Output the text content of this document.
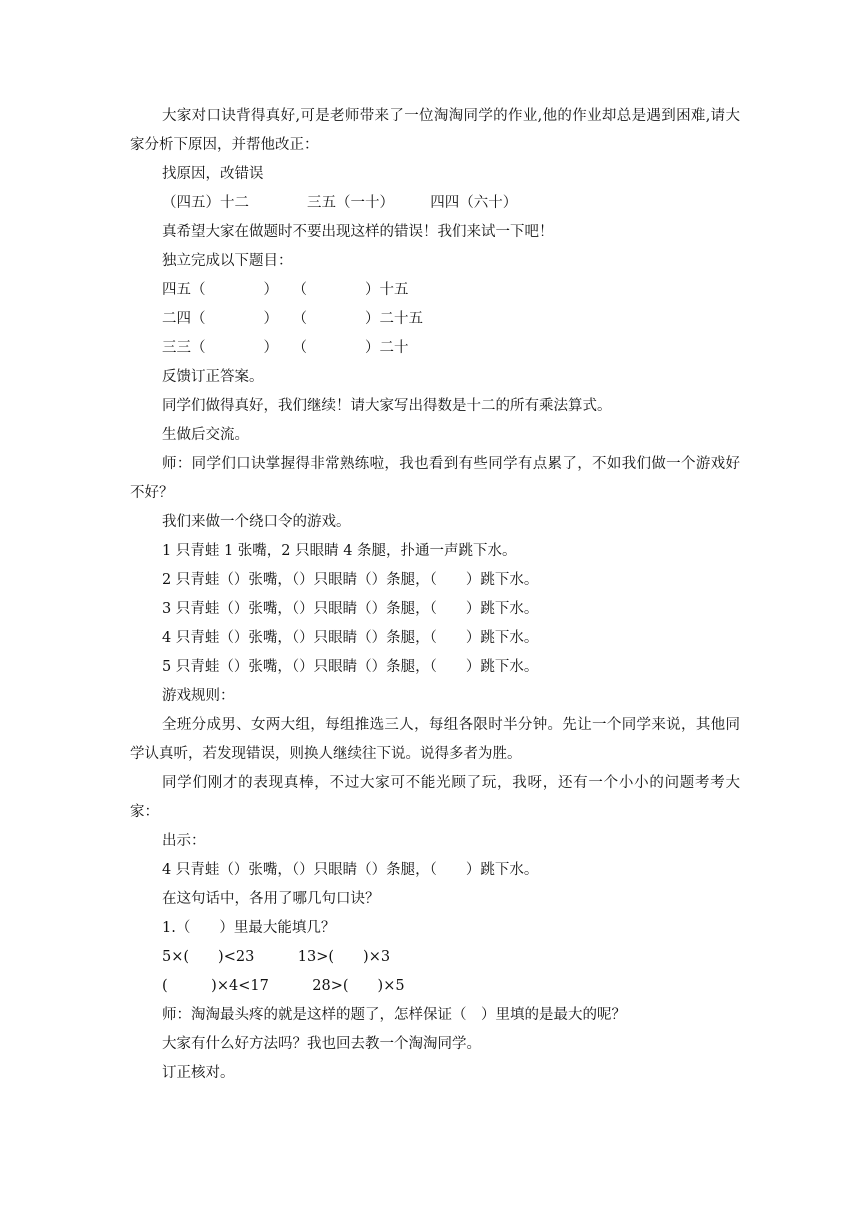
大家对口诀背得真好,可是老师带来了一位淘淘同学的作业,他的作业却总是遇到困难,请大家分析下原因，并帮他改正：
找原因，改错误
（四五）十二　　　　三五（一十）　　　四四（六十）
真希望大家在做题时不要出现这样的错误！我们来试一下吧！
独立完成以下题目：
四五（　　　　）　　（　　　　）十五
二四（　　　　）　　（　　　　）二十五
三三（　　　　）　　（　　　　）二十
反馈订正答案。
同学们做得真好，我们继续！请大家写出得数是十二的所有乘法算式。
生做后交流。
师：同学们口诀掌握得非常熟练啦，我也看到有些同学有点累了，不如我们做一个游戏好不好？
我们来做一个绕口令的游戏。
1 只青蛙 1 张嘴，2 只眼睛 4 条腿，扑通一声跳下水。
2 只青蛙（）张嘴，（）只眼睛（）条腿，（　　）跳下水。
3 只青蛙（）张嘴，（）只眼睛（）条腿，（　　）跳下水。
4 只青蛙（）张嘴，（）只眼睛（）条腿，（　　）跳下水。
5 只青蛙（）张嘴，（）只眼睛（）条腿，（　　）跳下水。
游戏规则：
全班分成男、女两大组，每组推选三人，每组各限时半分钟。先让一个同学来说，其他同学认真听，若发现错误，则换人继续往下说。说得多者为胜。
同学们刚才的表现真棒，不过大家可不能光顾了玩，我呀，还有一个小小的问题考考大家：
出示：
4 只青蛙（）张嘴，（）只眼睛（）条腿，（　　）跳下水。
在这句话中，各用了哪几句口诀？
1.（　　）里最大能填几？
5×(　　)<23　　　13>(　　)×3
(　　　)×4<17　　　28>(　　)×5
师：淘淘最头疼的就是这样的题了，怎样保证（　）里填的是最大的呢？
大家有什么好方法吗？我也回去教一个淘淘同学。
订正核对。
